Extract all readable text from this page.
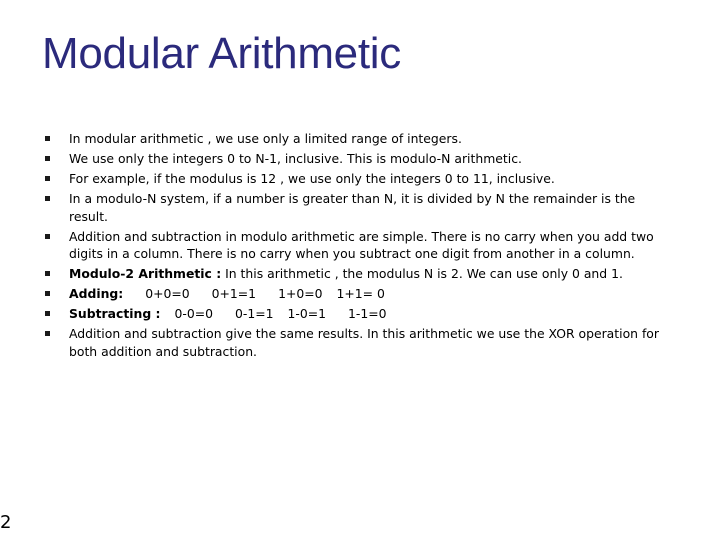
Modular Arithmetic
In modular arithmetic , we use only a limited range of integers.
We use only the integers 0 to N-1, inclusive. This is modulo-N arithmetic.
For example, if the modulus is 12 , we use only the integers 0 to 11, inclusive.
In a modulo-N system, if a number is greater than N, it is divided by N the remainder is the result.
Addition and subtraction in modulo arithmetic are simple. There is no carry when you add two digits in a column. There is no carry when you subtract one digit from another in a column.
Modulo-2 Arithmetic : In this arithmetic , the modulus N is 2. We can use only 0 and 1.
Adding: 0+0=0 0+1=1 1+0=0 1+1= 0
Subtracting : 0-0=0 0-1=1 1-0=1 1-1=0
Addition and subtraction give the same results. In this arithmetic we use the XOR operation for both addition and subtraction.
2
